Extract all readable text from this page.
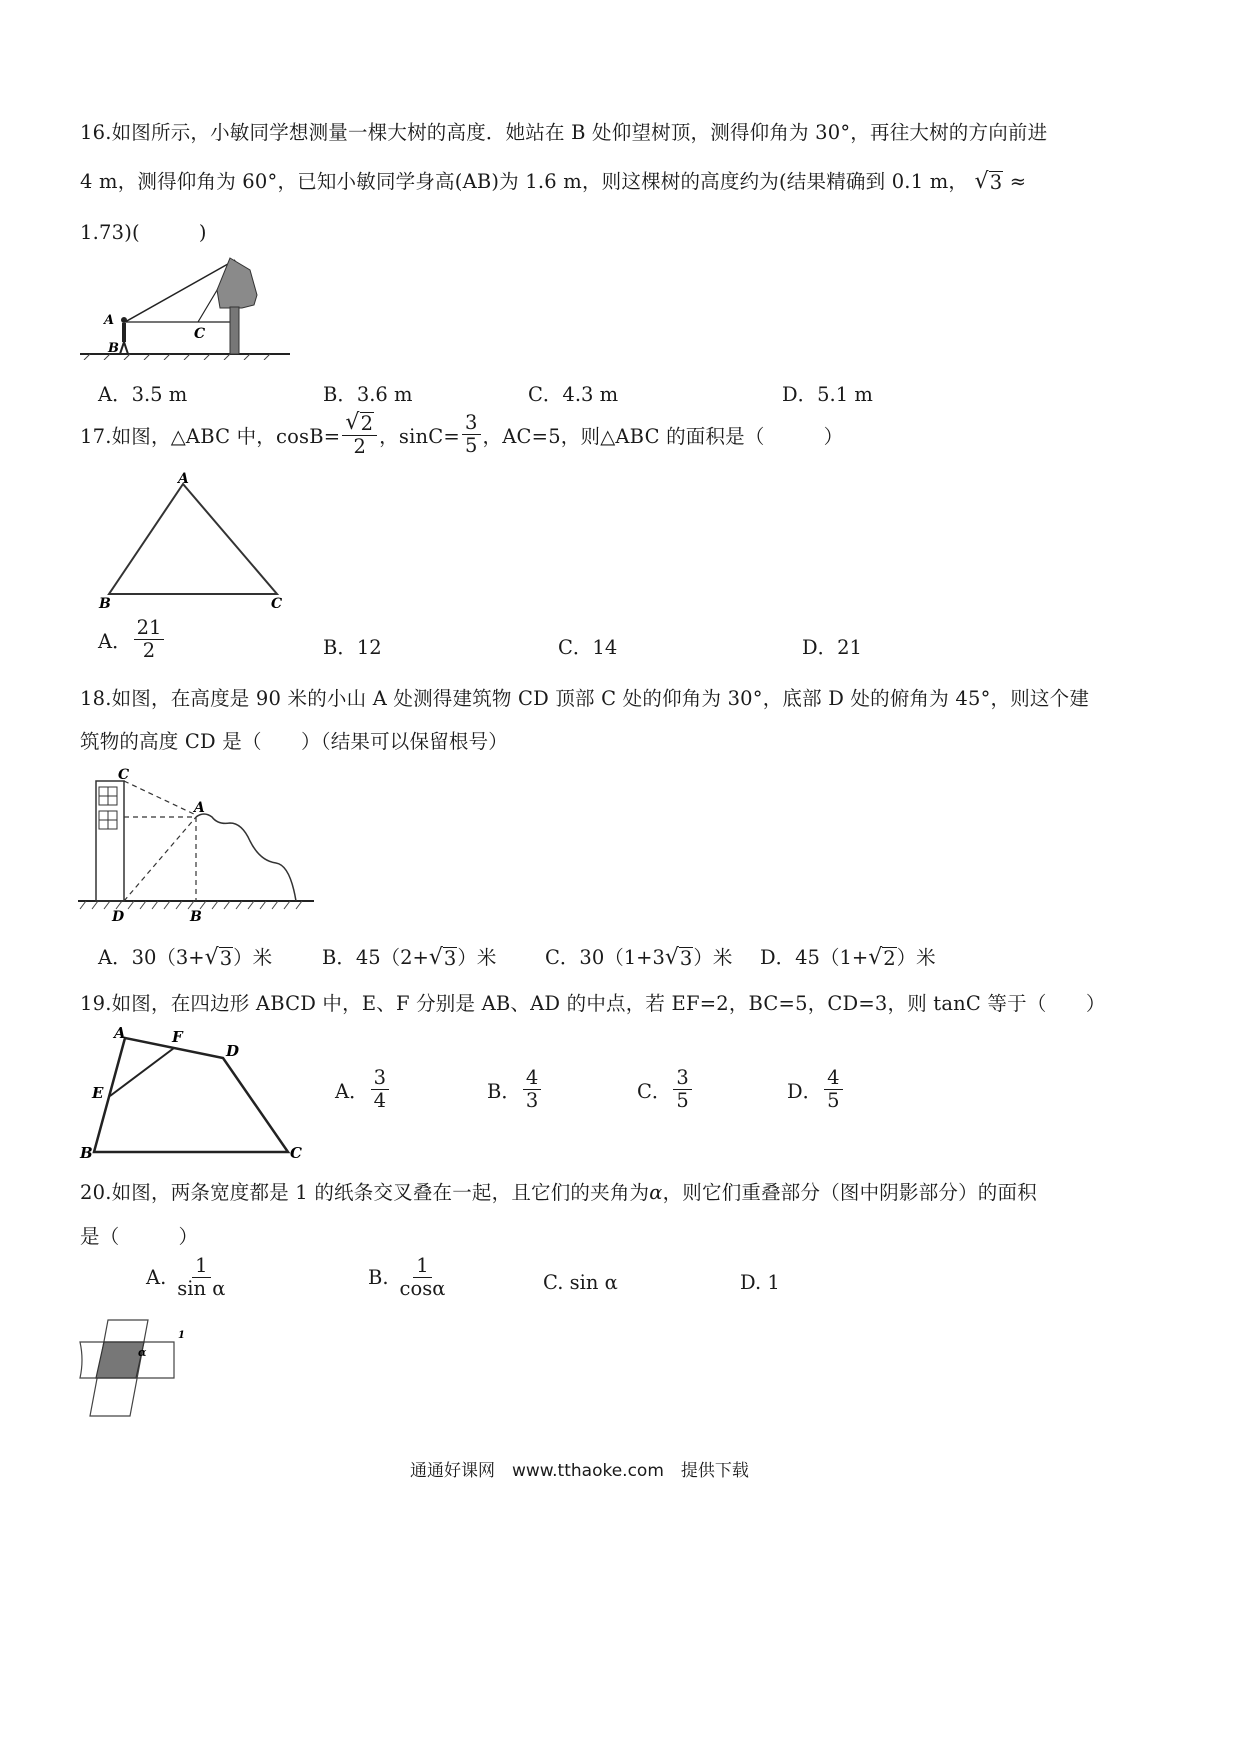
16.如图所示，小敏同学想测量一棵大树的高度．她站在 B 处仰望树顶，测得仰角为 30°，再往大树的方向前进
4 m，测得仰角为 60°，已知小敏同学身高(AB)为 1.6 m，则这棵树的高度约为(结果精确到 0.1 m， √ 3 ≈
1.73)(　　　)
A
B
C
A．3.5 m	B．3.6 m	C．4.3 m	D．5.1 m
17.如图，△ABC 中，$\cos B= \frac{√ 2}{2}$ ，$\sin C= \frac{3}{5}$ ，AC=5，则△ABC 的面积是（　　　）
A
B	C
A． $\frac{21}{2}$	B．12	C．14	D．21
18.如图，在高度是 90 米的小山 A 处测得建筑物 CD 顶部 C 处的仰角为 30°，底部 D 处的俯角为 45°，则这个建
筑物的高度 CD 是（　　）（结果可以保留根号）
C
A
D	B
A．30（3+ √ 3 ）米	B．45（2+ √ 3 ）米 C．30（1+3 √ 3 ）米 D．45（1+ √ 2 ）米
19.如图，在四边形 ABCD 中，E、F 分别是 AB、AD 的中点，若 EF=2，BC=5，CD=3，则 tanC 等于（　　）
A	F
D
E
B	C
A． $\frac{3}{4}$	B． $\frac{4}{3}$	C． $\frac{3}{5}$	D． $\frac{4}{5}$
20.如图，两条宽度都是 1 的纸条交叉叠在一起，且它们的夹角为α，则它们重叠部分（图中阴影部分）的面积
是（　　　）
A. $\frac{1}{\text{sin α}}$	B. $\frac{1}{\cos\alpha}$	C. sin α	D. 1
α
1
通通好课网　www.tthaoke.com　提供下载
